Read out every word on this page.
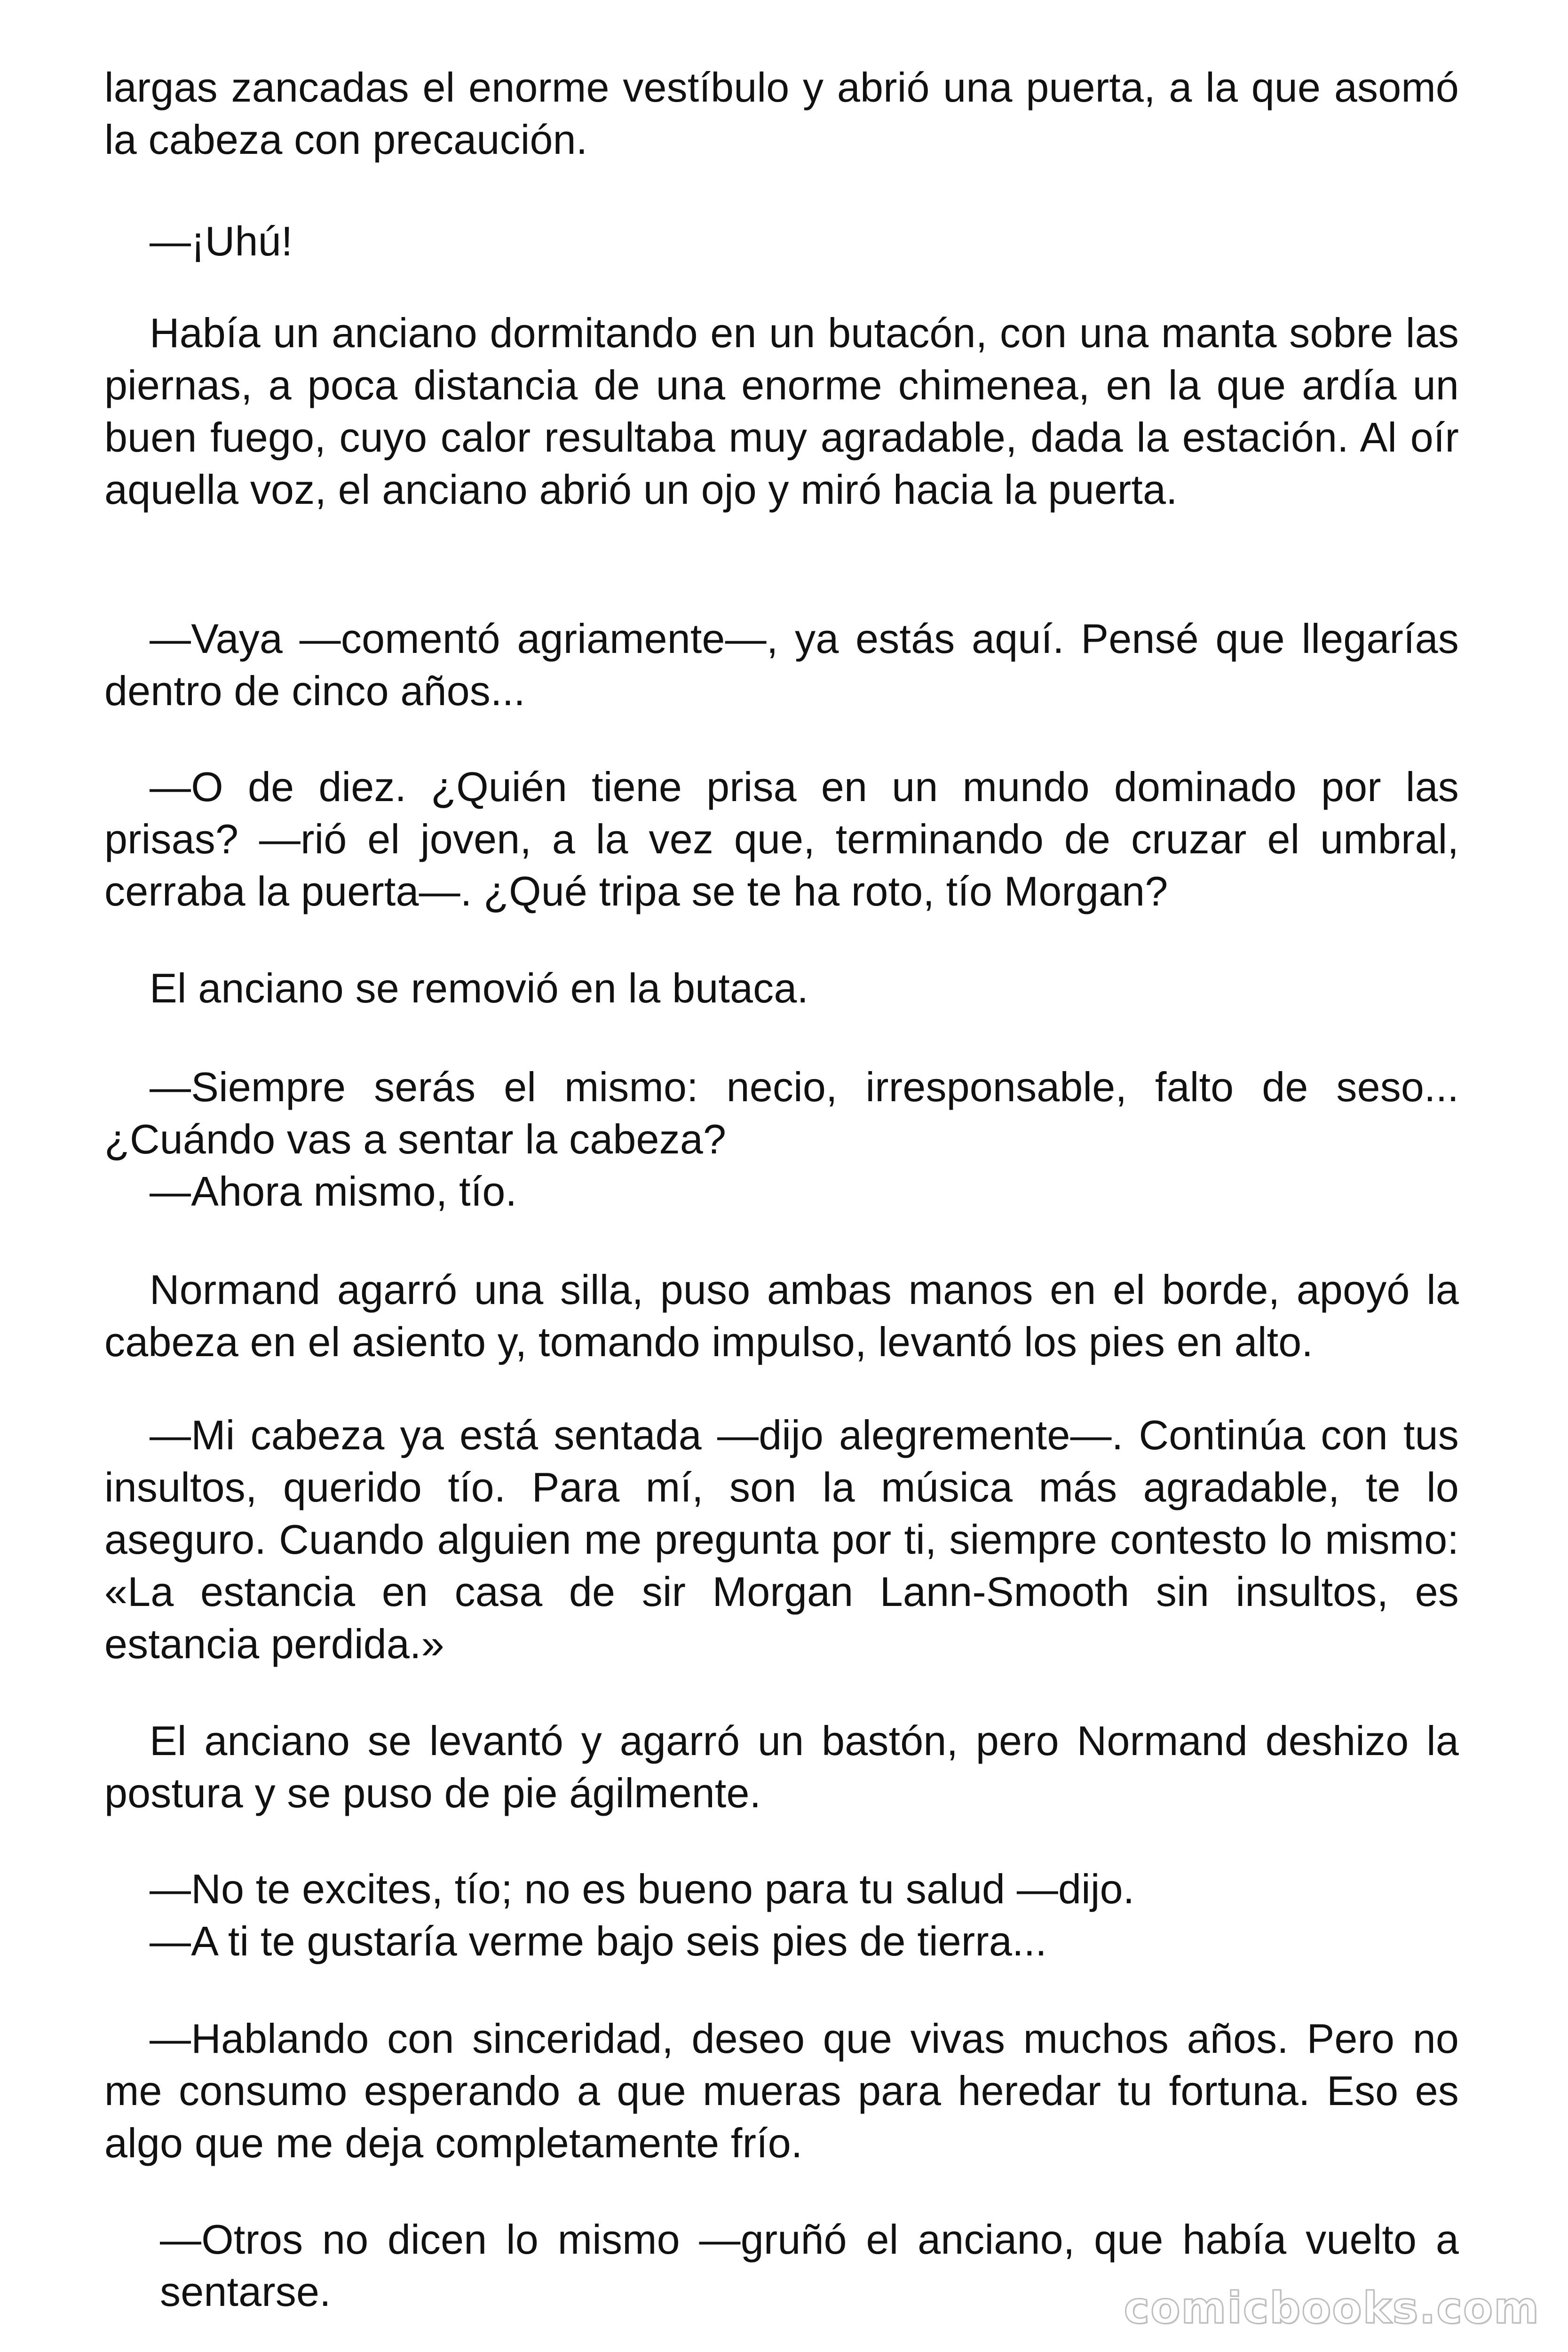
largas zancadas el enorme vestíbulo y abrió una puerta, a la que asomó la cabeza con precaución.

—¡Uhú!

Había un anciano dormitando en un butacón, con una manta sobre las piernas, a poca distancia de una enorme chimenea, en la que ardía un buen fuego, cuyo calor resultaba muy agradable, dada la estación. Al oír aquella voz, el anciano abrió un ojo y miró hacia la puerta.

—Vaya —comentó agriamente—, ya estás aquí. Pensé que llegarías dentro de cinco años...

—O de diez. ¿Quién tiene prisa en un mundo dominado por las prisas? —rió el joven, a la vez que, terminando de cruzar el umbral, cerraba la puerta—. ¿Qué tripa se te ha roto, tío Morgan?

El anciano se removió en la butaca.

—Siempre serás el mismo: necio, irresponsable, falto de seso... ¿Cuándo vas a sentar la cabeza?

—Ahora mismo, tío.

Normand agarró una silla, puso ambas manos en el borde, apoyó la cabeza en el asiento y, tomando impulso, levantó los pies en alto.

—Mi cabeza ya está sentada —dijo alegremente—. Continúa con tus insultos, querido tío. Para mí, son la música más agradable, te lo aseguro. Cuando alguien me pregunta por ti, siempre contesto lo mismo: «La estancia en casa de sir Morgan Lann-Smooth sin insultos, es estancia perdida.»

El anciano se levantó y agarró un bastón, pero Normand deshizo la postura y se puso de pie ágilmente.

—No te excites, tío; no es bueno para tu salud —dijo.

—A ti te gustaría verme bajo seis pies de tierra...

—Hablando con sinceridad, deseo que vivas muchos años. Pero no me consumo esperando a que mueras para heredar tu fortuna. Eso es algo que me deja completamente frío.

—Otros no dicen lo mismo —gruñó el anciano, que había vuelto a sentarse.	comicbooks.com
